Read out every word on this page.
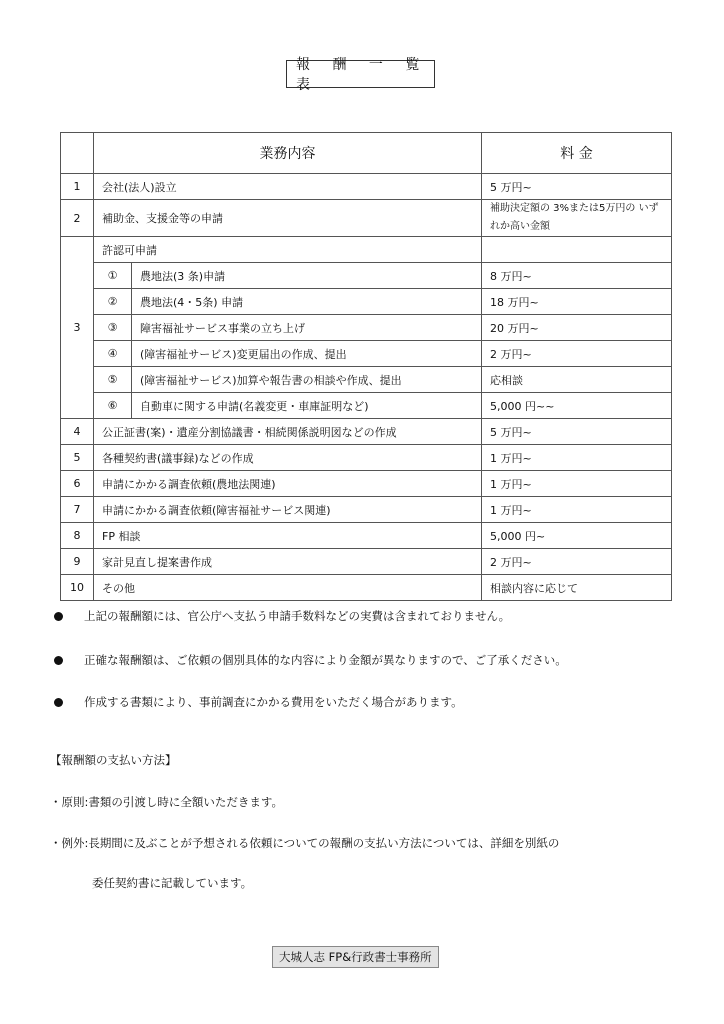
報 酬 一 覧 表
	業務内容		料 金
1	会社(法人)設立		5 万円~
2	補助金、支援金等の申請		補助決定額の 3%または5万円の いずれか高い金額
3	許認可申請		
	①	農地法(3 条)申請	8 万円~
	②	農地法(4・5条) 申請	18 万円~
	③	障害福祉サービス事業の立ち上げ	20 万円~
	④	(障害福祉サービス)変更届出の作成、提出	2 万円~
	⑤	(障害福祉サービス)加算や報告書の相談や作成、提出	応相談
	⑥	自動車に関する申請(名義変更・車庫証明など)	5,000 円~~
4	公正証書(案)・遺産分割協議書・相続関係説明図などの作成		5 万円~
5	各種契約書(議事録)などの作成		1 万円~
6	申請にかかる調査依頼(農地法関連)		1 万円~
7	申請にかかる調査依頼(障害福祉サービス関連)		1 万円~
8	FP 相談		5,000 円~
9	家計見直し提案書作成		2 万円~
10	その他		相談内容に応じて
上記の報酬額には、官公庁へ支払う申請手数料などの実費は含まれておりません。
正確な報酬額は、ご依頼の個別具体的な内容により金額が異なりますので、ご了承ください。
作成する書類により、事前調査にかかる費用をいただく場合があります。
【報酬額の支払い方法】
・原則:書類の引渡し時に全額いただきます。
・例外:長期間に及ぶことが予想される依頼についての報酬の支払い方法については、詳細を別紙の
委任契約書に記載しています。
大城人志 FP&行政書士事務所
